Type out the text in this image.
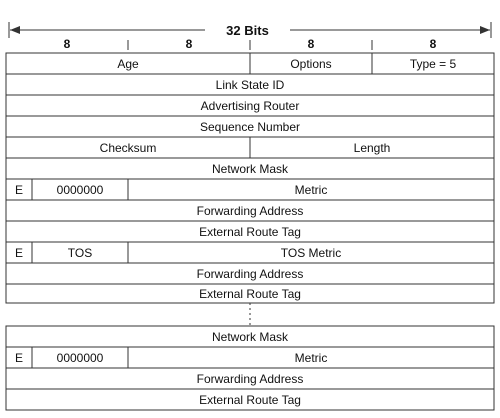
32 Bits
8	8	8	8
Age	Options	Type = 5
Link State ID
Advertising Router
Sequence Number
Checksum	Length
Network Mask
E	0000000	Metric
Forwarding Address
External Route Tag
E	TOS	TOS Metric
Forwarding Address
External Route Tag
Network Mask
E	0000000	Metric
Forwarding Address
External Route Tag
